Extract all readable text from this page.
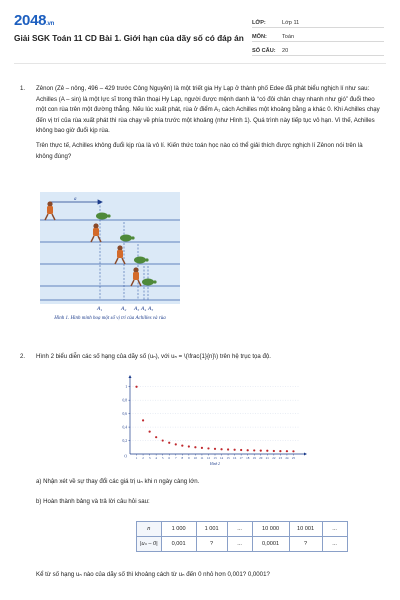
2048.vn
Giải SGK Toán 11 CD Bài 1. Giới hạn của dãy số có đáp án
LỚP:	Lớp 11
MÔN:	Toán
SỐ CÂU:	20
1. Zênon (Zê – nông, 496 – 429 trước Công Nguyên) là một triết gia Hy Lạp ở thành phố Edee đã phát biểu nghịch lí như sau: Achilles (A – sin) là một lực sĩ trong thần thoại Hy Lạp, người được mệnh danh là “có đôi chân chạy nhanh như gió” đuổi theo một con rùa trên một đường thẳng. Nếu lúc xuất phát, rùa ở điểm A₁ cách Achilles một khoảng bằng a khác 0. Khi Achilles chạy đến vị trí của rùa xuất phát thì rùa chạy về phía trước một khoảng (như Hình 1). Quá trình này tiếp tục vô hạn. Vì thế, Achilles không bao giờ đuổi kịp rùa.

Trên thực tế, Achilles không đuổi kịp rùa là vô lí. Kiến thức toán học nào có thể giải thích được nghịch lí Zênon nói trên là không đúng?

a
A₁	A₂ A₃ A₄ A₅
Hình 1. Hình minh hoạ một số vị trí của Achilles và rùa
2. Hình 2 biểu diễn các số hạng của dãy số (uₙ), với uₙ = \(\frac{1}{n}\) trên hệ trục tọa độ.

0,2
0,4
0,6
0,8
1
1 2 3 4 5 6 7 8 9 10 11 12 13 14 15 16 17 18 19 20 21 22 23 24 25
O
Hình 2
a) Nhận xét về sự thay đổi các giá trị uₙ khi n ngày càng lớn.
b) Hoàn thành bảng và trả lời câu hỏi sau:
n	1 000	1 001	...	10 000	10 001	...
|uₙ – 0|	0,001	?	...	0,0001	?	...
Kể từ số hạng uₙ nào của dãy số thì khoảng cách từ uₙ đến 0 nhỏ hơn 0,001? 0,0001?
